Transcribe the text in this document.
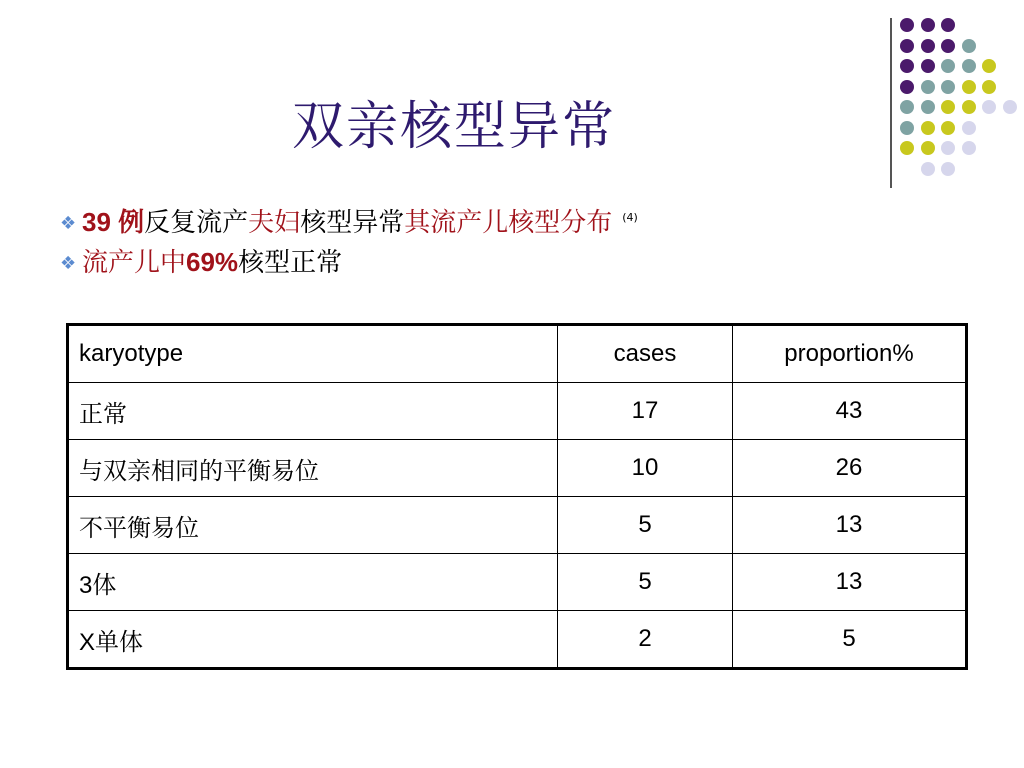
双亲核型异常
❖ 39 例反复流产夫妇核型异常其流产儿核型分布 $^{(4)}$
❖ 流产儿中69%核型正常
karyotype	cases	proportion%
正常	17	43
与双亲相同的平衡易位	10	26
不平衡易位	5	13
3体	5	13
X单体	2	5
